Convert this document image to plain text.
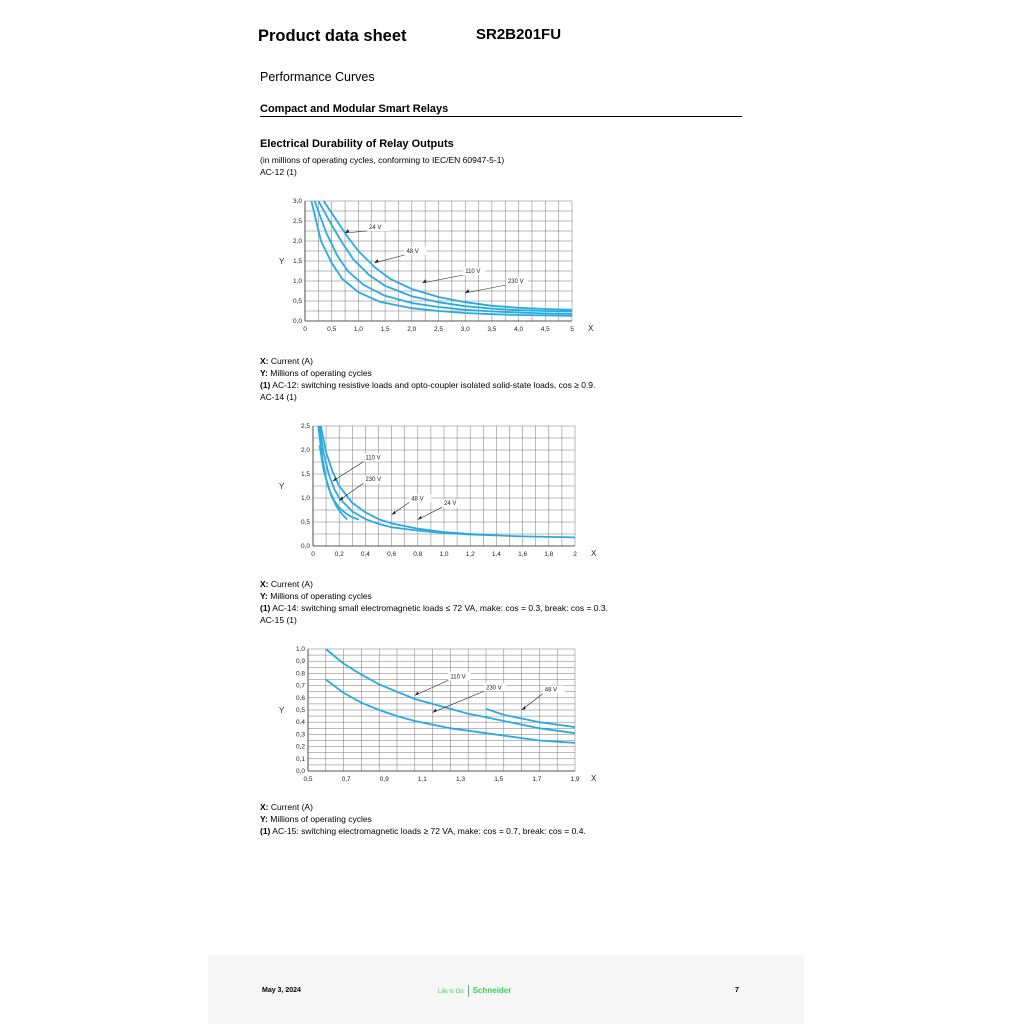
Product data sheet	SR2B201FU
Performance Curves
Compact and Modular Smart Relays
Electrical Durability of Relay Outputs
(in millions of operating cycles, conforming to IEC/EN 60947-5-1)
AC-12 (1)
0	0,5	1,0	1,5	2,0	2,5	3,0	3,5	4,0	4,5	5
0,0
0,5
1,0
1,5
2,0
2,5
3,0
X
Y
24 V
48 V
110 V
230 V
X: Current (A)
Y: Millions of operating cycles
(1) AC-12: switching resistive loads and opto-coupler isolated solid-state loads, cos ≥ 0.9.
AC-14 (1)
0	0,2	0,4	0,6	0,8	1,0	1,2	1,4	1,6	1,8	2
0,0
0,5
1,0
1,5
2,0
2,5
X
Y
24 V
48 V
230 V
110 V
X: Current (A)
Y: Millions of operating cycles
(1) AC-14: switching small electromagnetic loads ≤ 72 VA, make: cos = 0.3, break: cos = 0.3.
AC-15 (1)
0,5	0,7	0,9	1,1	1,3	1,5	1,7	1,9
0,0
0,1
0,2
0,3
0,4
0,5
0,6
0,7
0,8
0,9
1,0
X
Y
110 V
230 V	48 V
X: Current (A)
Y: Millions of operating cycles
(1) AC-15: switching electromagnetic loads ≥ 72 VA, make: cos = 0.7, break: cos = 0.4.
May 3, 2024	Life Is On Schneider	7
